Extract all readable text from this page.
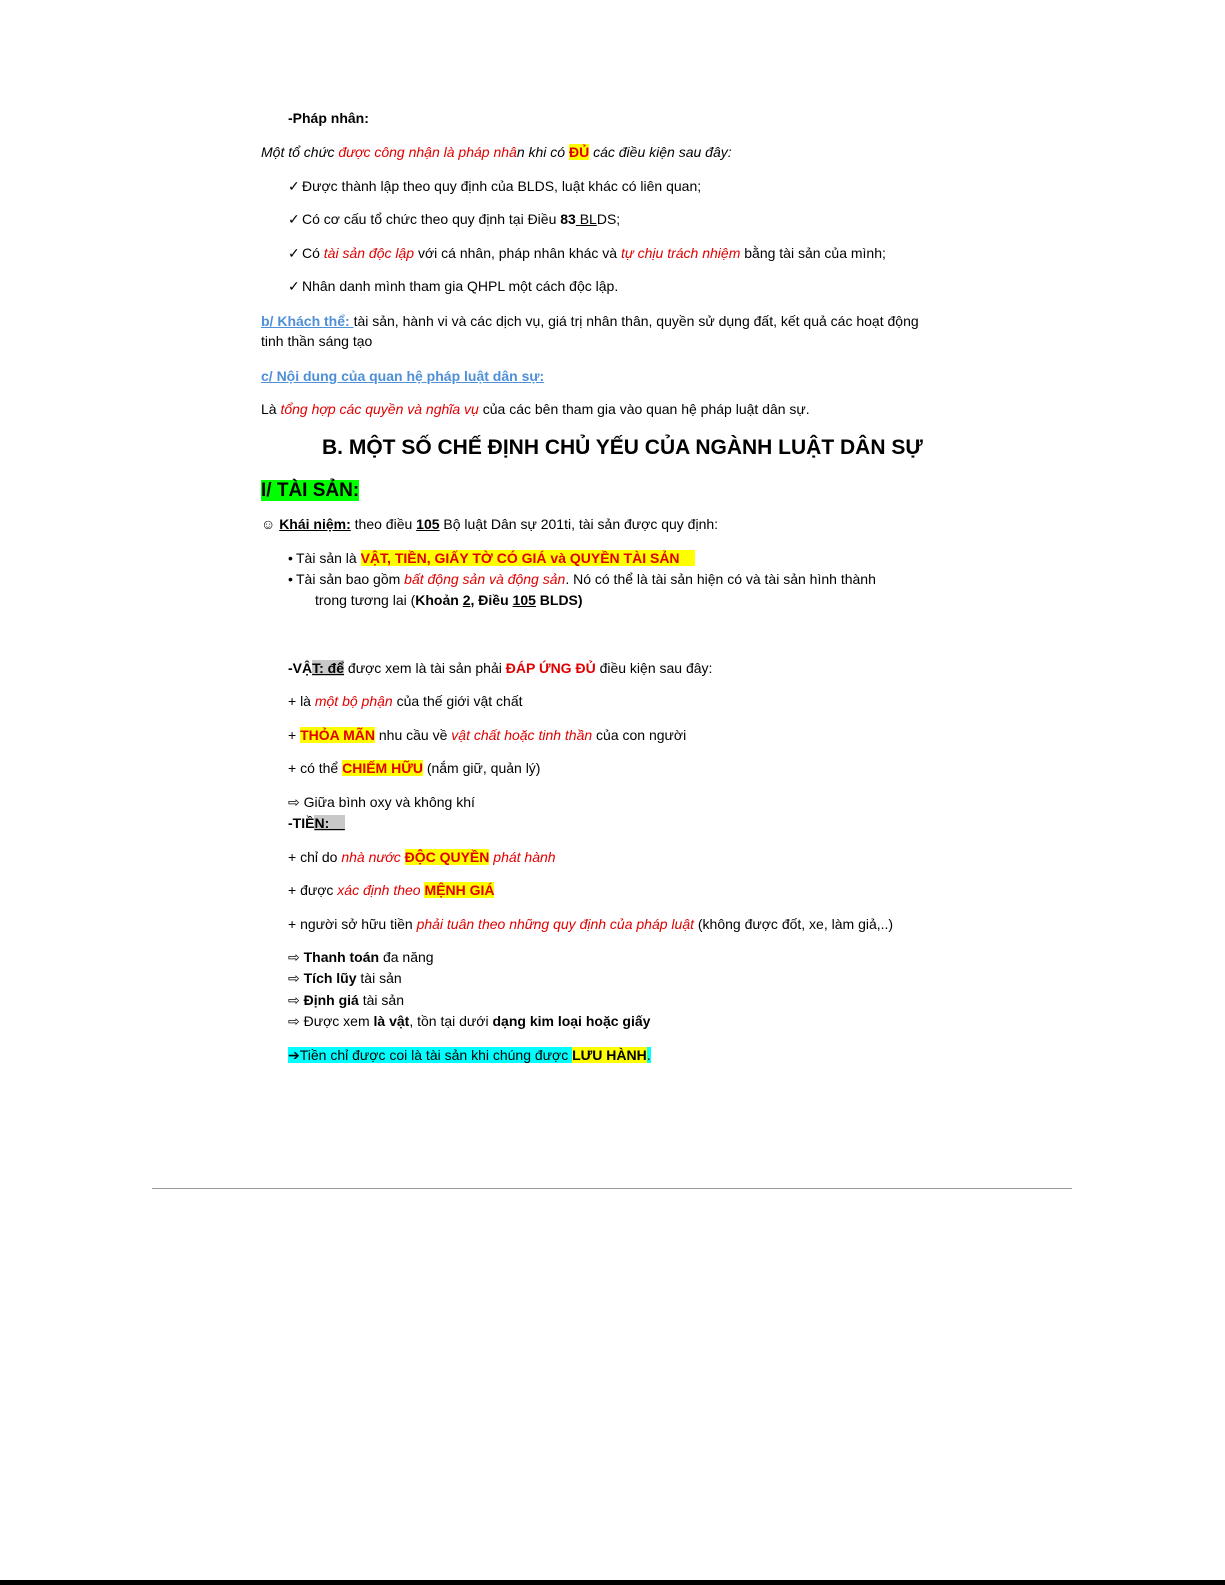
-Pháp nhân:
Một tổ chức được công nhận là pháp nhân khi có ĐỦ các điều kiện sau đây:
✓ Được thành lập theo quy định của BLDS, luật khác có liên quan;
✓ Có cơ cấu tổ chức theo quy định tại Điều 83 BLDS;
✓ Có tài sản độc lập với cá nhân, pháp nhân khác và tự chịu trách nhiệm bằng tài sản của mình;
✓ Nhân danh mình tham gia QHPL một cách độc lập.
b/ Khách thể: tài sản, hành vi và các dịch vụ, giá trị nhân thân, quyền sử dụng đất, kết quả các hoạt động
tinh thần sáng tạo
c/ Nội dung của quan hệ pháp luật dân sự:
Là tổng hợp các quyền và nghĩa vụ của các bên tham gia vào quan hệ pháp luật dân sự.
B. MỘT SỐ CHẾ ĐỊNH CHỦ YẾU CỦA NGÀNH LUẬT DÂN SỰ
I/ TÀI SẢN:
☺ Khái niệm: theo điều 105 Bộ luật Dân sự 201ti, tài sản được quy định:
• Tài sản là VẬT, TIỀN, GIẤY TỜ CÓ GIÁ và QUYỀN TÀI SẢN
• Tài sản bao gồm bất động sản và động sản. Nó có thể là tài sản hiện có và tài sản hình thành
trong tương lai (Khoản 2, Điều 105 BLDS)
-VẬT: để được xem là tài sản phải ĐÁP ỨNG ĐỦ điều kiện sau đây:
+ là một bộ phận của thế giới vật chất
+ THỎA MÃN nhu cầu về vật chất hoặc tinh thần của con người
+ có thể CHIẾM HỮU (nắm giữ, quản lý)
⇨ Giữa bình oxy và không khí
-TIỀN:
+ chỉ do nhà nước ĐỘC QUYỀN phát hành
+ được xác định theo MỆNH GIÁ
+ người sở hữu tiền phải tuân theo những quy định của pháp luật (không được đốt, xe, làm giả,..)
⇨ Thanh toán đa năng
⇨ Tích lũy tài sản
⇨ Định giá tài sản
⇨ Được xem là vật, tồn tại dưới dạng kim loại hoặc giấy
➔Tiền chỉ được coi là tài sản khi chúng được LƯU HÀNH.
